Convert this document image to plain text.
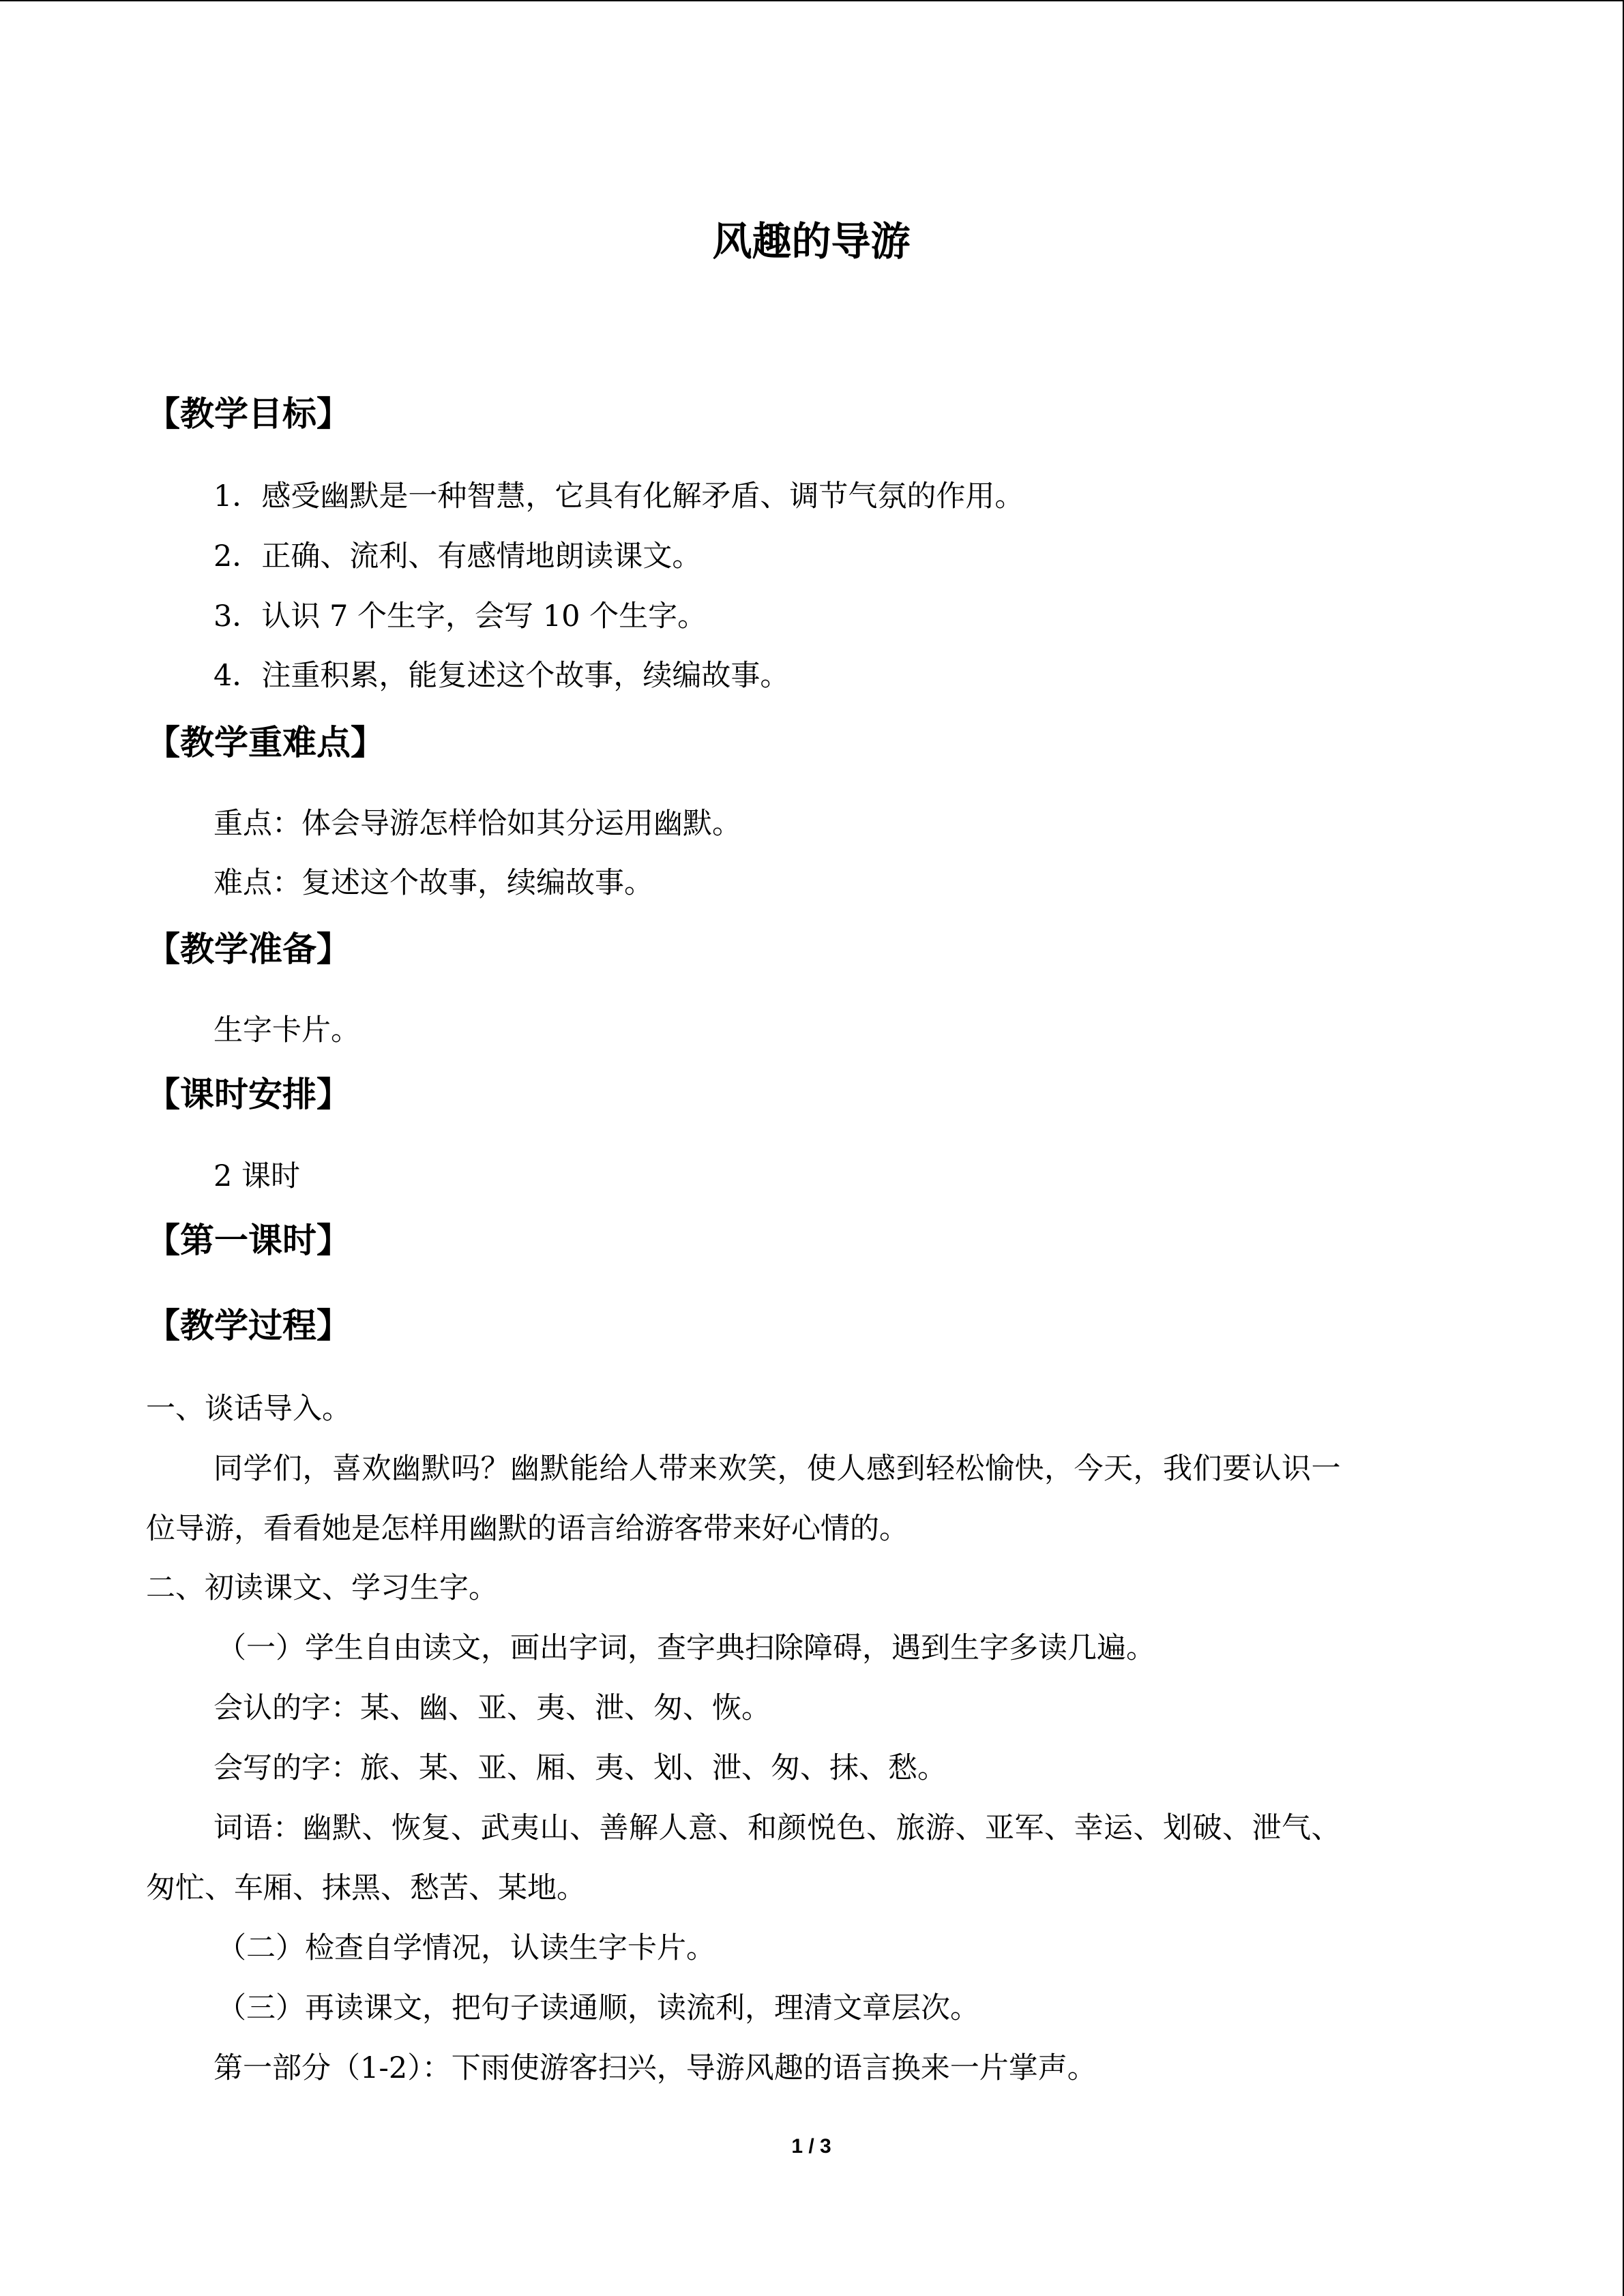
风趣的导游
【教学目标】
1．感受幽默是一种智慧，它具有化解矛盾、调节气氛的作用。
2．正确、流利、有感情地朗读课文。
3．认识 7 个生字，会写 10 个生字。
4．注重积累，能复述这个故事，续编故事。
【教学重难点】
重点：体会导游怎样恰如其分运用幽默。
难点：复述这个故事，续编故事。
【教学准备】
生字卡片。
【课时安排】
2 课时
【第一课时】
【教学过程】
一、谈话导入。
同学们，喜欢幽默吗？幽默能给人带来欢笑，使人感到轻松愉快，今天，我们要认识一
位导游，看看她是怎样用幽默的语言给游客带来好心情的。
二、初读课文、学习生字。
（一）学生自由读文，画出字词，查字典扫除障碍，遇到生字多读几遍。
会认的字：某、幽、亚、夷、泄、匆、恢。
会写的字：旅、某、亚、厢、夷、划、泄、匆、抹、愁。
词语：幽默、恢复、武夷山、善解人意、和颜悦色、旅游、亚军、幸运、划破、泄气、
匆忙、车厢、抹黑、愁苦、某地。
（二）检查自学情况，认读生字卡片。
（三）再读课文，把句子读通顺，读流利，理清文章层次。
第一部分（1-2）：下雨使游客扫兴，导游风趣的语言换来一片掌声。
1 / 3
